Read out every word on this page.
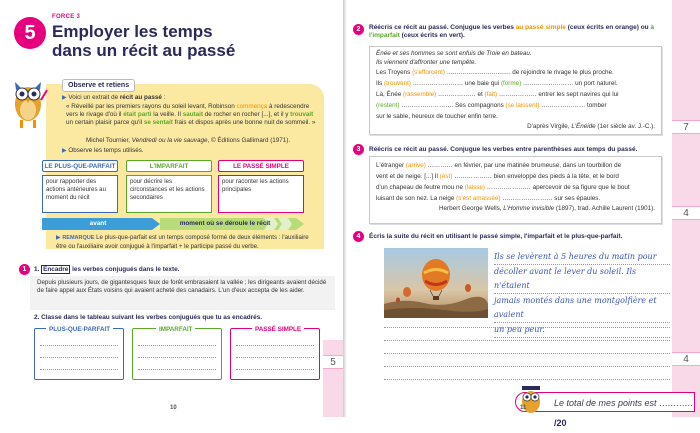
5
FORCE 3
Employer les temps
dans un récit au passé
Observe et retiens
▶ Voici un extrait de récit au passé :
« Réveillé par les premiers rayons du soleil levant, Robinson commença à redescendre vers le rivage d'où il était parti la veille. Il sautait de rocher en rocher [...], et il y trouvait un certain plaisir parce qu'il se sentait frais et dispos après une bonne nuit de sommeil. »
Michel Tournier, Vendredi ou la vie sauvage, © Éditions Gallimard (1971).
▶ Observe les temps utilisés.
LE PLUS-QUE-PARFAIT	L'IMPARFAIT	LE PASSÉ SIMPLE
pour rapporter des actions antérieures au moment du récit
pour décrire les circonstances et les actions secondaires
pour raconter les actions principales
avant	moment où se déroule le récit
▶ REMARQUE Le plus-que-parfait est un temps composé formé de deux éléments : l'auxiliaire être ou l'auxiliaire avoir conjugué à l'imparfait + le participe passé du verbe.
1	1. Encadre les verbes conjugués dans le texte.
Depuis plusieurs jours, de gigantesques feux de forêt embrasaient la vallée ; les dirigeants avaient décidé de faire appel aux États voisins qui avaient acheté des canadairs. L'un d'eux accepta de les aider.
2. Classe dans le tableau suivant les verbes conjugués que tu as encadrés.
PLUS-QUE-PARFAIT	IMPARFAIT	PASSÉ SIMPLE
5
10
2	Réécris ce récit au passé. Conjugue les verbes au passé simple (ceux écrits en orange) ou à l'imparfait (ceux écrits en vert).
Énée et ses hommes se sont enfuis de Troie en bateau.
Ils viennent d'affronter une tempête.
Les Troyens (s'efforcent) …………………………… de rejoindre le rivage le plus proche.
Ils (trouvent) …………………… une baie qui (forme) …………………… un port naturel.
Là, Énée (rassemble) ……………… et (fait) ……………… entrer les sept navires qui lui
(restent) ……………………. Ses compagnons (se laissent) ………………… tomber
sur le sable, heureux de toucher enfin terre.
D'après Virgile, L'Énéide (1er siècle av. J.-C.).
3	Réécris ce récit au passé. Conjugue les verbes entre parenthèses aux temps du passé.
L'étranger (arrive) ………… en février, par une matinée brumeuse, dans un tourbillon de
vent et de neige. [...] Il (est) ……………… bien enveloppé des pieds à la tête, et le bord
d'un chapeau de feutre mou ne (laisse) ………………… apercevoir de sa figure que le bout
luisant de son nez. La neige (s'est amassée) …………………… sur ses épaules.
Herbert George Wells, L'Homme invisible (1897), trad. Achille Laurent (1901).
4	Écris la suite du récit en utilisant le passé simple, l'imparfait et le plus-que-parfait.
Ils se levèrent à 5 heures du matin pour
décoller avant le lever du soleil. Ils n'étaient
jamais montés dans une montgolfière et avaient
un peu peur.
7
4
4
Le total de mes points est ………… /20
11
